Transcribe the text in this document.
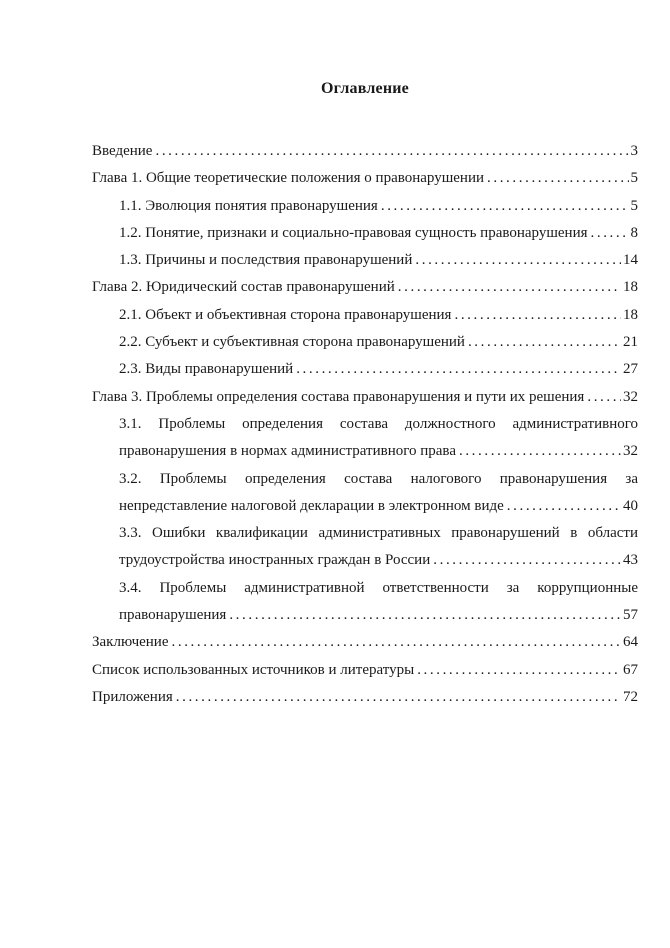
Оглавление
Введение .....	3
Глава 1. Общие теоретические положения о правонарушении .....	5
1.1. Эволюция понятия правонарушения .....	5
1.2. Понятие, признаки и социально-правовая сущность правонарушения .....	8
1.3. Причины и последствия правонарушений .....	14
Глава 2. Юридический состав правонарушений .....	18
2.1. Объект и объективная сторона правонарушения .....	18
2.2. Субъект и субъективная сторона правонарушений .....	21
2.3. Виды правонарушений .....	27
Глава 3. Проблемы определения состава правонарушения и пути их решения .....	32
3.1. Проблемы определения состава должностного административного
правонарушения в нормах административного права .....	32
3.2. Проблемы определения состава налогового правонарушения за
непредставление налоговой декларации в электронном виде .....	40
3.3. Ошибки квалификации административных правонарушений в области
трудоустройства иностранных граждан в России .....	43
3.4. Проблемы административной ответственности за коррупционные
правонарушения .....	57
Заключение .....	64
Список использованных источников и литературы .....	67
Приложения .....	72
